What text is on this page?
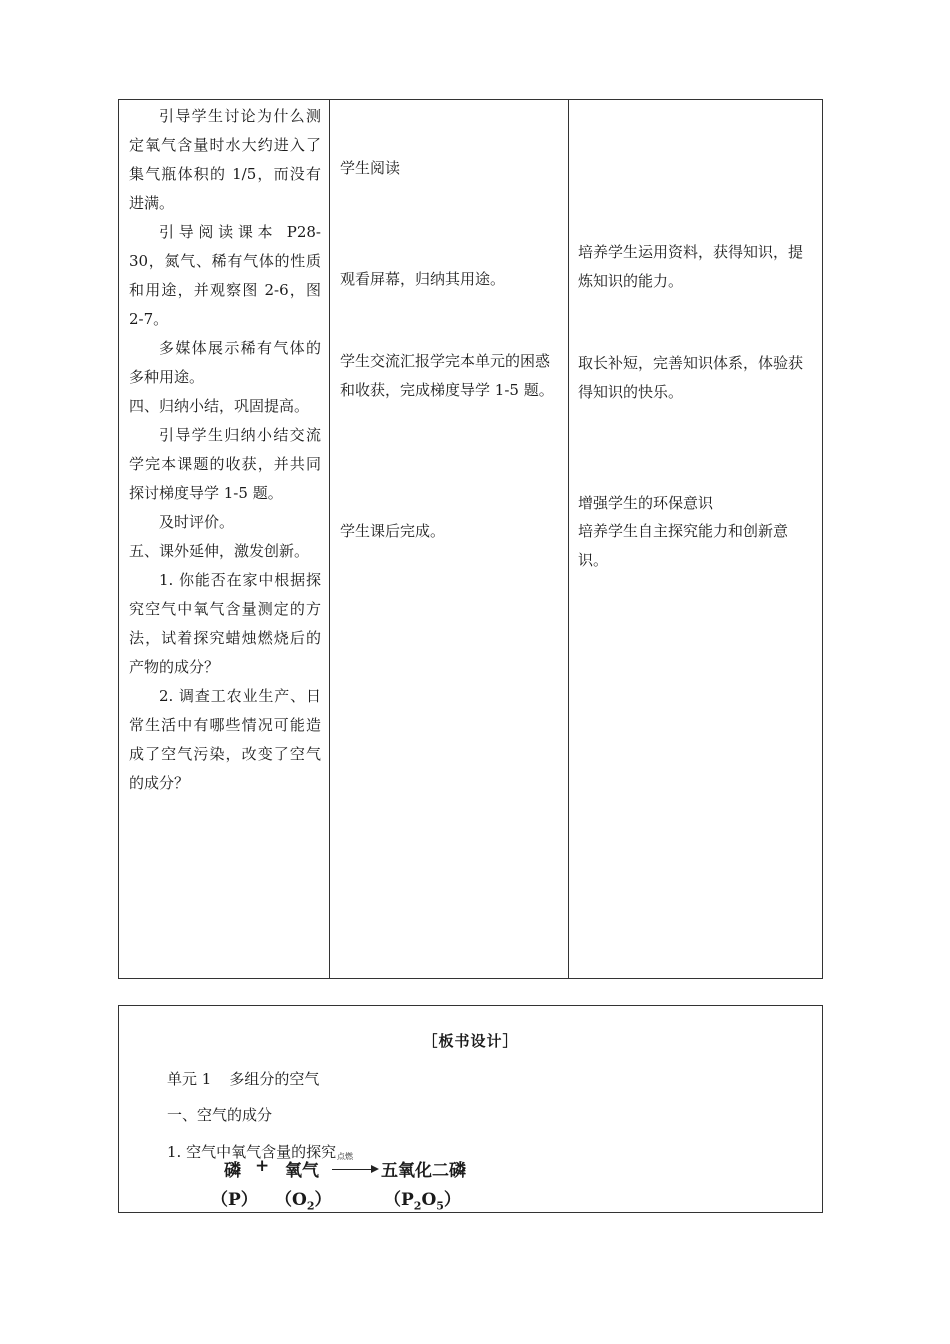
引导学生讨论为什么测定氧气含量时水大约进入了集气瓶体积的 1/5，而没有进满。

引导阅读课本 P28-30，氮气、稀有气体的性质和用途，并观察图 2-6，图 2-7。

多媒体展示稀有气体的多种用途。

四、归纳小结，巩固提高。

引导学生归纳小结交流学完本课题的收获，并共同探讨梯度导学 1-5 题。

及时评价。

五、课外延伸，激发创新。

1. 你能否在家中根据探究空气中氧气含量测定的方法，试着探究蜡烛燃烧后的产物的成分？

2. 调查工农业生产、日常生活中有哪些情况可能造成了空气污染，改变了空气的成分？

学生阅读

观看屏幕，归纳其用途。

学生交流汇报学完本单元的困惑和收获，完成梯度导学 1-5 题。

学生课后完成。

培养学生运用资料，获得知识，提炼知识的能力。

取长补短，完善知识体系，体验获得知识的快乐。

增强学生的环保意识

培养学生自主探究能力和创新意识。

［板书设计］
单元 1 多组分的空气
一、空气的成分
1. 空气中氧气含量的探究
磷 + 氧气
点燃
五氧化二磷
（P） $(O_2)$	$(P_2O_5)$
